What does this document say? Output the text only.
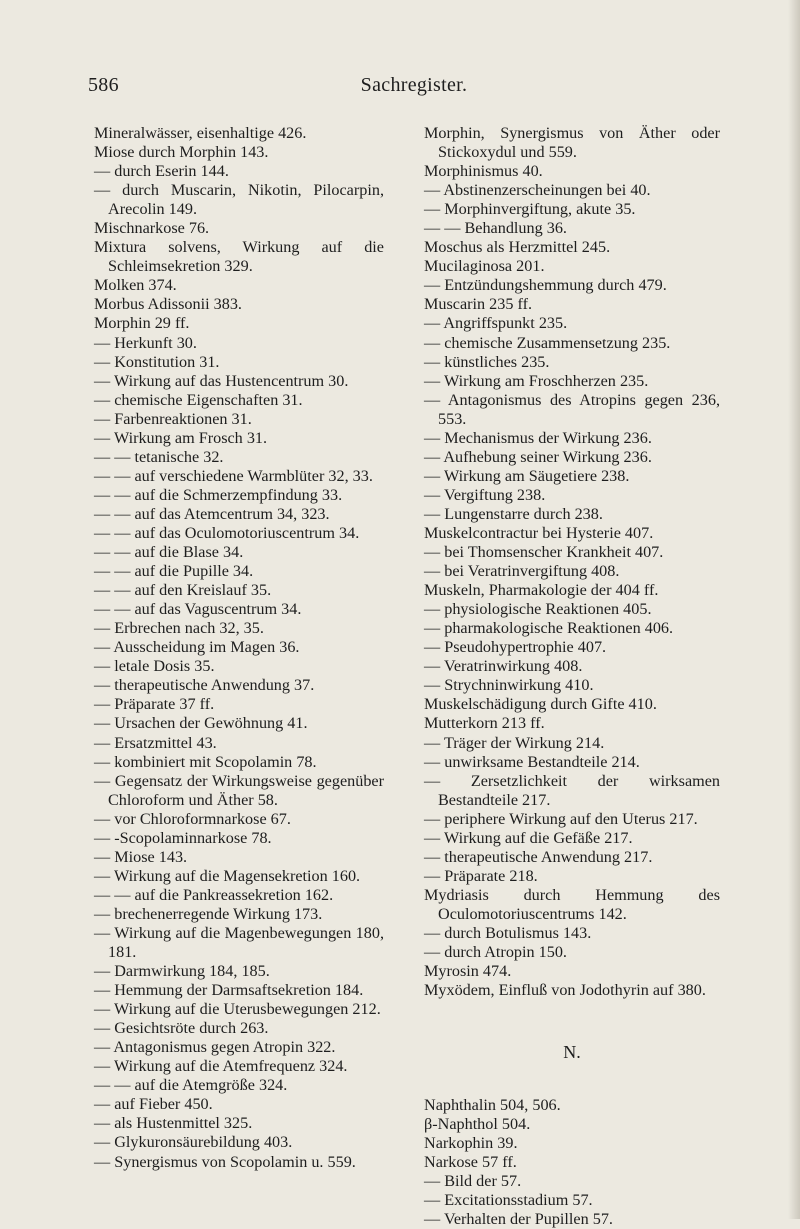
586	Sachregister.
Mineralwässer, eisenhaltige 426.
Miose durch Morphin 143.
— durch Eserin 144.
— durch Muscarin, Nikotin, Pilocarpin, Arecolin 149.
Mischnarkose 76.
Mixtura solvens, Wirkung auf die Schleimsekretion 329.
Molken 374.
Morbus Adissonii 383.
Morphin 29 ff.
— Herkunft 30.
— Konstitution 31.
— Wirkung auf das Hustencentrum 30.
— chemische Eigenschaften 31.
— Farbenreaktionen 31.
— Wirkung am Frosch 31.
— — tetanische 32.
— — auf verschiedene Warmblüter 32, 33.
— — auf die Schmerzempfindung 33.
— — auf das Atemcentrum 34, 323.
— — auf das Oculomotoriuscentrum 34.
— — auf die Blase 34.
— — auf die Pupille 34.
— — auf den Kreislauf 35.
— — auf das Vaguscentrum 34.
— Erbrechen nach 32, 35.
— Ausscheidung im Magen 36.
— letale Dosis 35.
— therapeutische Anwendung 37.
— Präparate 37 ff.
— Ursachen der Gewöhnung 41.
— Ersatzmittel 43.
— kombiniert mit Scopolamin 78.
— Gegensatz der Wirkungsweise gegenüber Chloroform und Äther 58.
— vor Chloroformnarkose 67.
— -Scopolaminnarkose 78.
— Miose 143.
— Wirkung auf die Magensekretion 160.
— — auf die Pankreassekretion 162.
— brechenerregende Wirkung 173.
— Wirkung auf die Magenbewegungen 180, 181.
— Darmwirkung 184, 185.
— Hemmung der Darmsaftsekretion 184.
— Wirkung auf die Uterusbewegungen 212.
— Gesichtsröte durch 263.
— Antagonismus gegen Atropin 322.
— Wirkung auf die Atemfrequenz 324.
— — auf die Atemgröße 324.
— auf Fieber 450.
— als Hustenmittel 325.
— Glykuronsäurebildung 403.
— Synergismus von Scopolamin u. 559.
Morphin, Synergismus von Äther oder Stickoxydul und 559.
Morphinismus 40.
— Abstinenzerscheinungen bei 40.
— Morphinvergiftung, akute 35.
— — Behandlung 36.
Moschus als Herzmittel 245.
Mucilaginosa 201.
— Entzündungshemmung durch 479.
Muscarin 235 ff.
— Angriffspunkt 235.
— chemische Zusammensetzung 235.
— künstliches 235.
— Wirkung am Froschherzen 235.
— Antagonismus des Atropins gegen 236, 553.
— Mechanismus der Wirkung 236.
— Aufhebung seiner Wirkung 236.
— Wirkung am Säugetiere 238.
— Vergiftung 238.
— Lungenstarre durch 238.
Muskelcontractur bei Hysterie 407.
— bei Thomsenscher Krankheit 407.
— bei Veratrinvergiftung 408.
Muskeln, Pharmakologie der 404 ff.
— physiologische Reaktionen 405.
— pharmakologische Reaktionen 406.
— Pseudohypertrophie 407.
— Veratrinwirkung 408.
— Strychninwirkung 410.
Muskelschädigung durch Gifte 410.
Mutterkorn 213 ff.
— Träger der Wirkung 214.
— unwirksame Bestandteile 214.
— Zersetzlichkeit der wirksamen Bestandteile 217.
— periphere Wirkung auf den Uterus 217.
— Wirkung auf die Gefäße 217.
— therapeutische Anwendung 217.
— Präparate 218.
Mydriasis durch Hemmung des Oculomotoriuscentrums 142.
— durch Botulismus 143.
— durch Atropin 150.
Myrosin 474.
Myxödem, Einfluß von Jodothyrin auf 380.
N.
Naphthalin 504, 506.
β-Naphthol 504.
Narkophin 39.
Narkose 57 ff.
— Bild der 57.
— Excitationsstadium 57.
— Verhalten der Pupillen 57.
